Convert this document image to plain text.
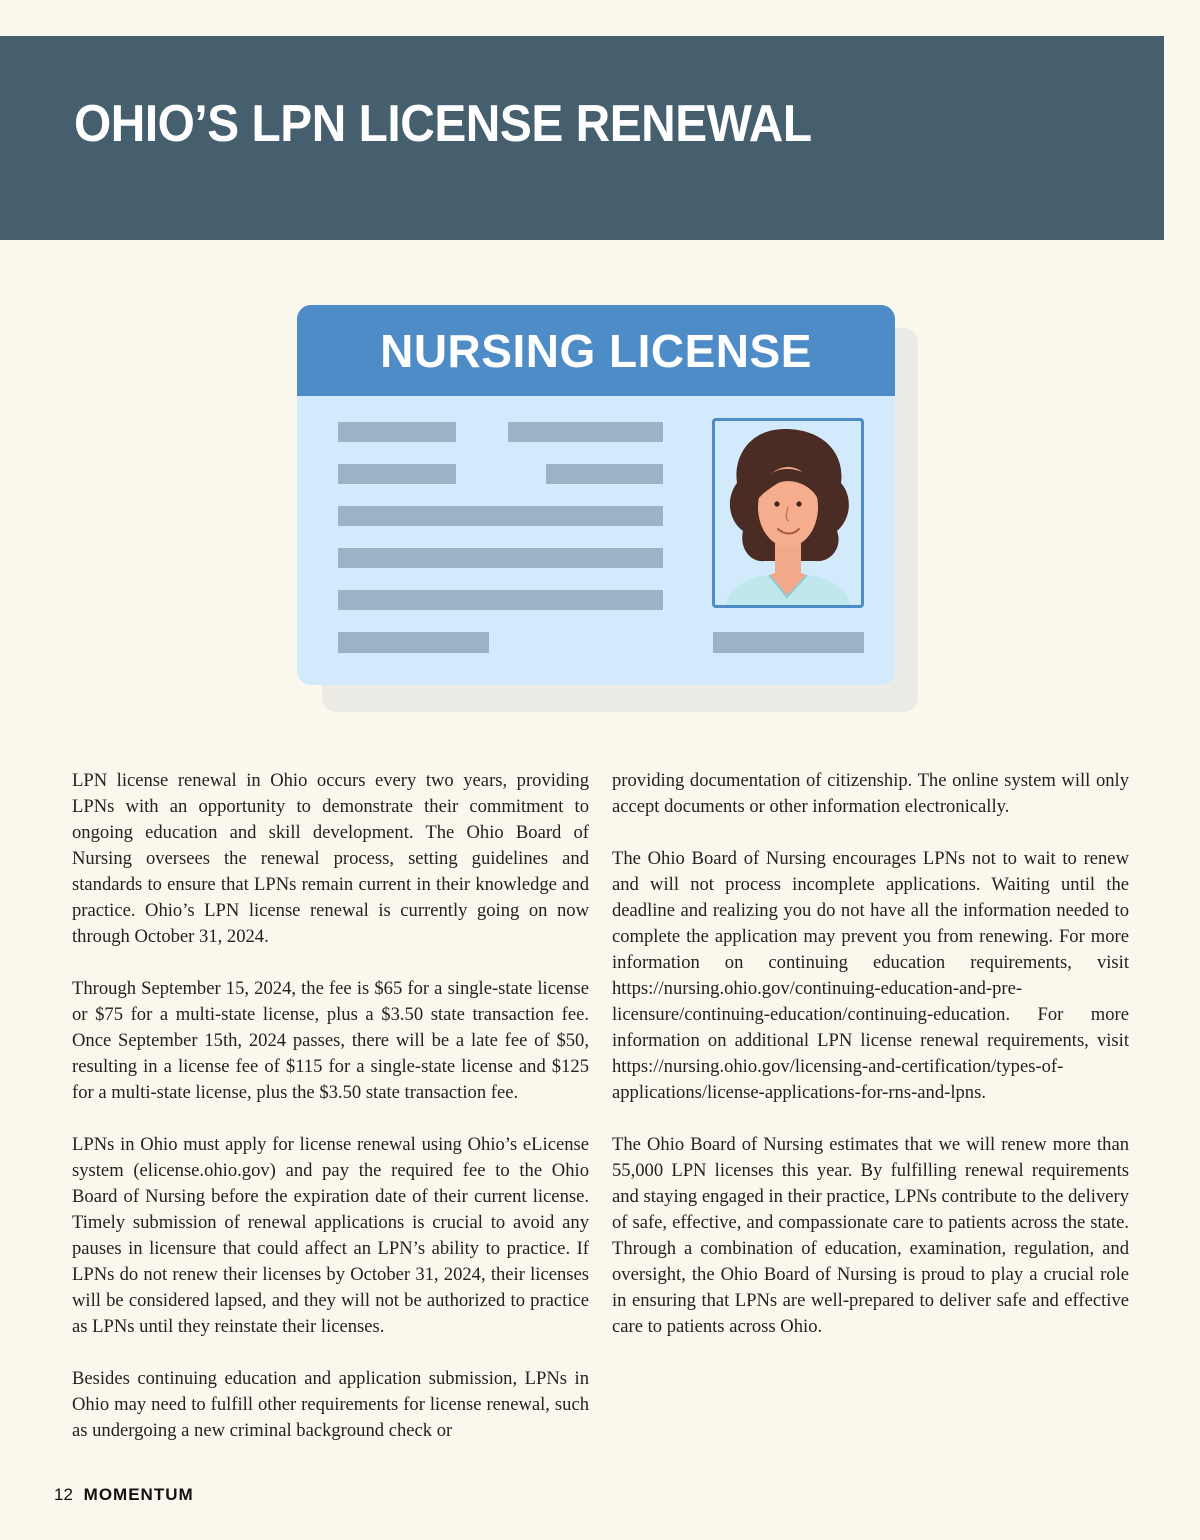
OHIO’S LPN LICENSE RENEWAL
NURSING LICENSE

LPN license renewal in Ohio occurs every two years, providing LPNs with an opportunity to demonstrate their commitment to ongoing education and skill development. The Ohio Board of Nursing oversees the renewal process, setting guidelines and standards to ensure that LPNs remain current in their knowledge and practice. Ohio’s LPN license renewal is currently going on now through October 31, 2024.

Through September 15, 2024, the fee is $65 for a single-state license or $75 for a multi-state license, plus a $3.50 state transaction fee. Once September 15th, 2024 passes, there will be a late fee of $50, resulting in a license fee of $115 for a single-state license and $125 for a multi-state license, plus the $3.50 state transaction fee.

LPNs in Ohio must apply for license renewal using Ohio’s eLicense system (elicense.ohio.gov) and pay the required fee to the Ohio Board of Nursing before the expiration date of their current license. Timely submission of renewal applications is crucial to avoid any pauses in licensure that could affect an LPN’s ability to practice. If LPNs do not renew their licenses by October 31, 2024, their licenses will be considered lapsed, and they will not be authorized to practice as LPNs until they reinstate their licenses.

Besides continuing education and application submission, LPNs in Ohio may need to fulfill other requirements for license renewal, such as undergoing a new criminal background check or

providing documentation of citizenship. The online system will only accept documents or other information electronically.

The Ohio Board of Nursing encourages LPNs not to wait to renew and will not process incomplete applications. Waiting until the deadline and realizing you do not have all the information needed to complete the application may prevent you from renewing. For more information on continuing education requirements, visit https://nursing.ohio.gov/continuing-education-and-pre-licensure/continuing-education/continuing-education. For more information on additional LPN license renewal requirements, visit https://nursing.ohio.gov/licensing-and-certification/types-of-applications/license-applications-for-rns-and-lpns.

The Ohio Board of Nursing estimates that we will renew more than 55,000 LPN licenses this year. By fulfilling renewal requirements and staying engaged in their practice, LPNs contribute to the delivery of safe, effective, and compassionate care to patients across the state. Through a combination of education, examination, regulation, and oversight, the Ohio Board of Nursing is proud to play a crucial role in ensuring that LPNs are well-prepared to deliver safe and effective care to patients across Ohio.

12 MOMENTUM
